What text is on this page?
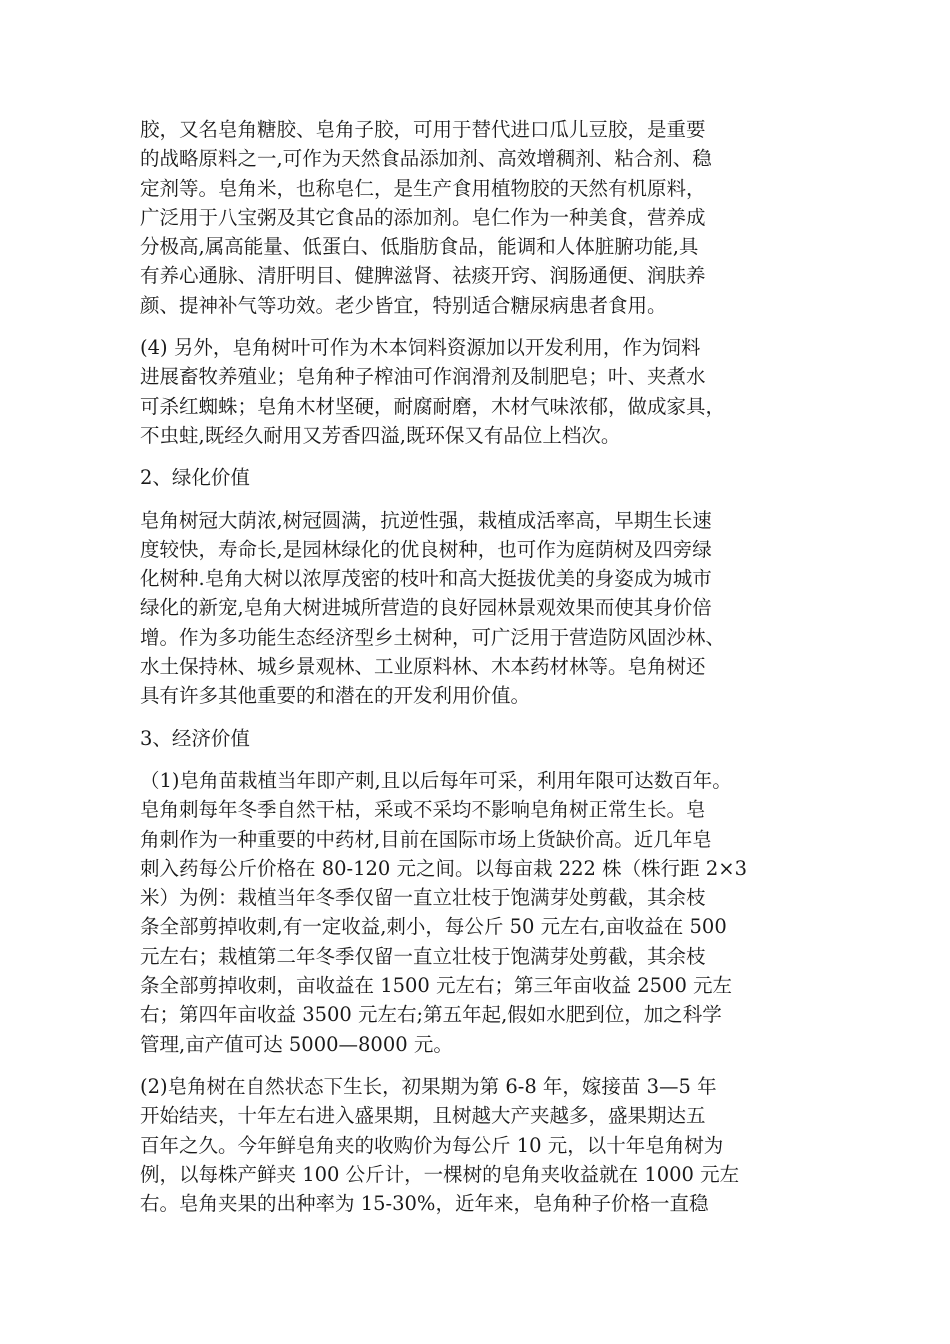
胶，又名皂角糖胶、皂角子胶，可用于替代进口瓜儿豆胶，是重要
的战略原料之一,可作为天然食品添加剂、高效增稠剂、粘合剂、稳
定剂等。皂角米，也称皂仁，是生产食用植物胶的天然有机原料，
广泛用于八宝粥及其它食品的添加剂。皂仁作为一种美食，营养成
分极高,属高能量、低蛋白、低脂肪食品，能调和人体脏腑功能,具
有养心通脉、清肝明目、健脾滋肾、祛痰开窍、润肠通便、润肤养
颜、提神补气等功效。老少皆宜，特别适合糖尿病患者食用。

(4) 另外，皂角树叶可作为木本饲料资源加以开发利用，作为饲料
进展畜牧养殖业；皂角种子榨油可作润滑剂及制肥皂；叶、夹煮水
可杀红蜘蛛；皂角木材坚硬，耐腐耐磨，木材气味浓郁，做成家具，
不虫蛀,既经久耐用又芳香四溢,既环保又有品位上档次。

2、绿化价值

皂角树冠大荫浓,树冠圆满，抗逆性强，栽植成活率高，早期生长速
度较快，寿命长,是园林绿化的优良树种，也可作为庭荫树及四旁绿
化树种.皂角大树以浓厚茂密的枝叶和高大挺拔优美的身姿成为城市
绿化的新宠,皂角大树进城所营造的良好园林景观效果而使其身价倍
增。作为多功能生态经济型乡土树种，可广泛用于营造防风固沙林、
水土保持林、城乡景观林、工业原料林、木本药材林等。皂角树还
具有许多其他重要的和潜在的开发利用价值。

3、经济价值

（1)皂角苗栽植当年即产刺,且以后每年可采，利用年限可达数百年。
皂角刺每年冬季自然干枯，采或不采均不影响皂角树正常生长。皂
角刺作为一种重要的中药材,目前在国际市场上货缺价高。近几年皂
刺入药每公斤价格在 80-120 元之间。以每亩栽 222 株（株行距 2×3
米）为例：栽植当年冬季仅留一直立壮枝于饱满芽处剪截，其余枝
条全部剪掉收刺,有一定收益,刺小，每公斤 50 元左右,亩收益在 500
元左右；栽植第二年冬季仅留一直立壮枝于饱满芽处剪截，其余枝
条全部剪掉收刺，亩收益在 1500 元左右；第三年亩收益 2500 元左
右；第四年亩收益 3500 元左右;第五年起,假如水肥到位，加之科学
管理,亩产值可达 5000—8000 元。

(2)皂角树在自然状态下生长，初果期为第 6-8 年，嫁接苗 3—5 年
开始结夹，十年左右进入盛果期，且树越大产夹越多，盛果期达五
百年之久。今年鲜皂角夹的收购价为每公斤 10 元，以十年皂角树为
例，以每株产鲜夹 100 公斤计，一棵树的皂角夹收益就在 1000 元左
右。皂角夹果的出种率为 15-30%，近年来，皂角种子价格一直稳
